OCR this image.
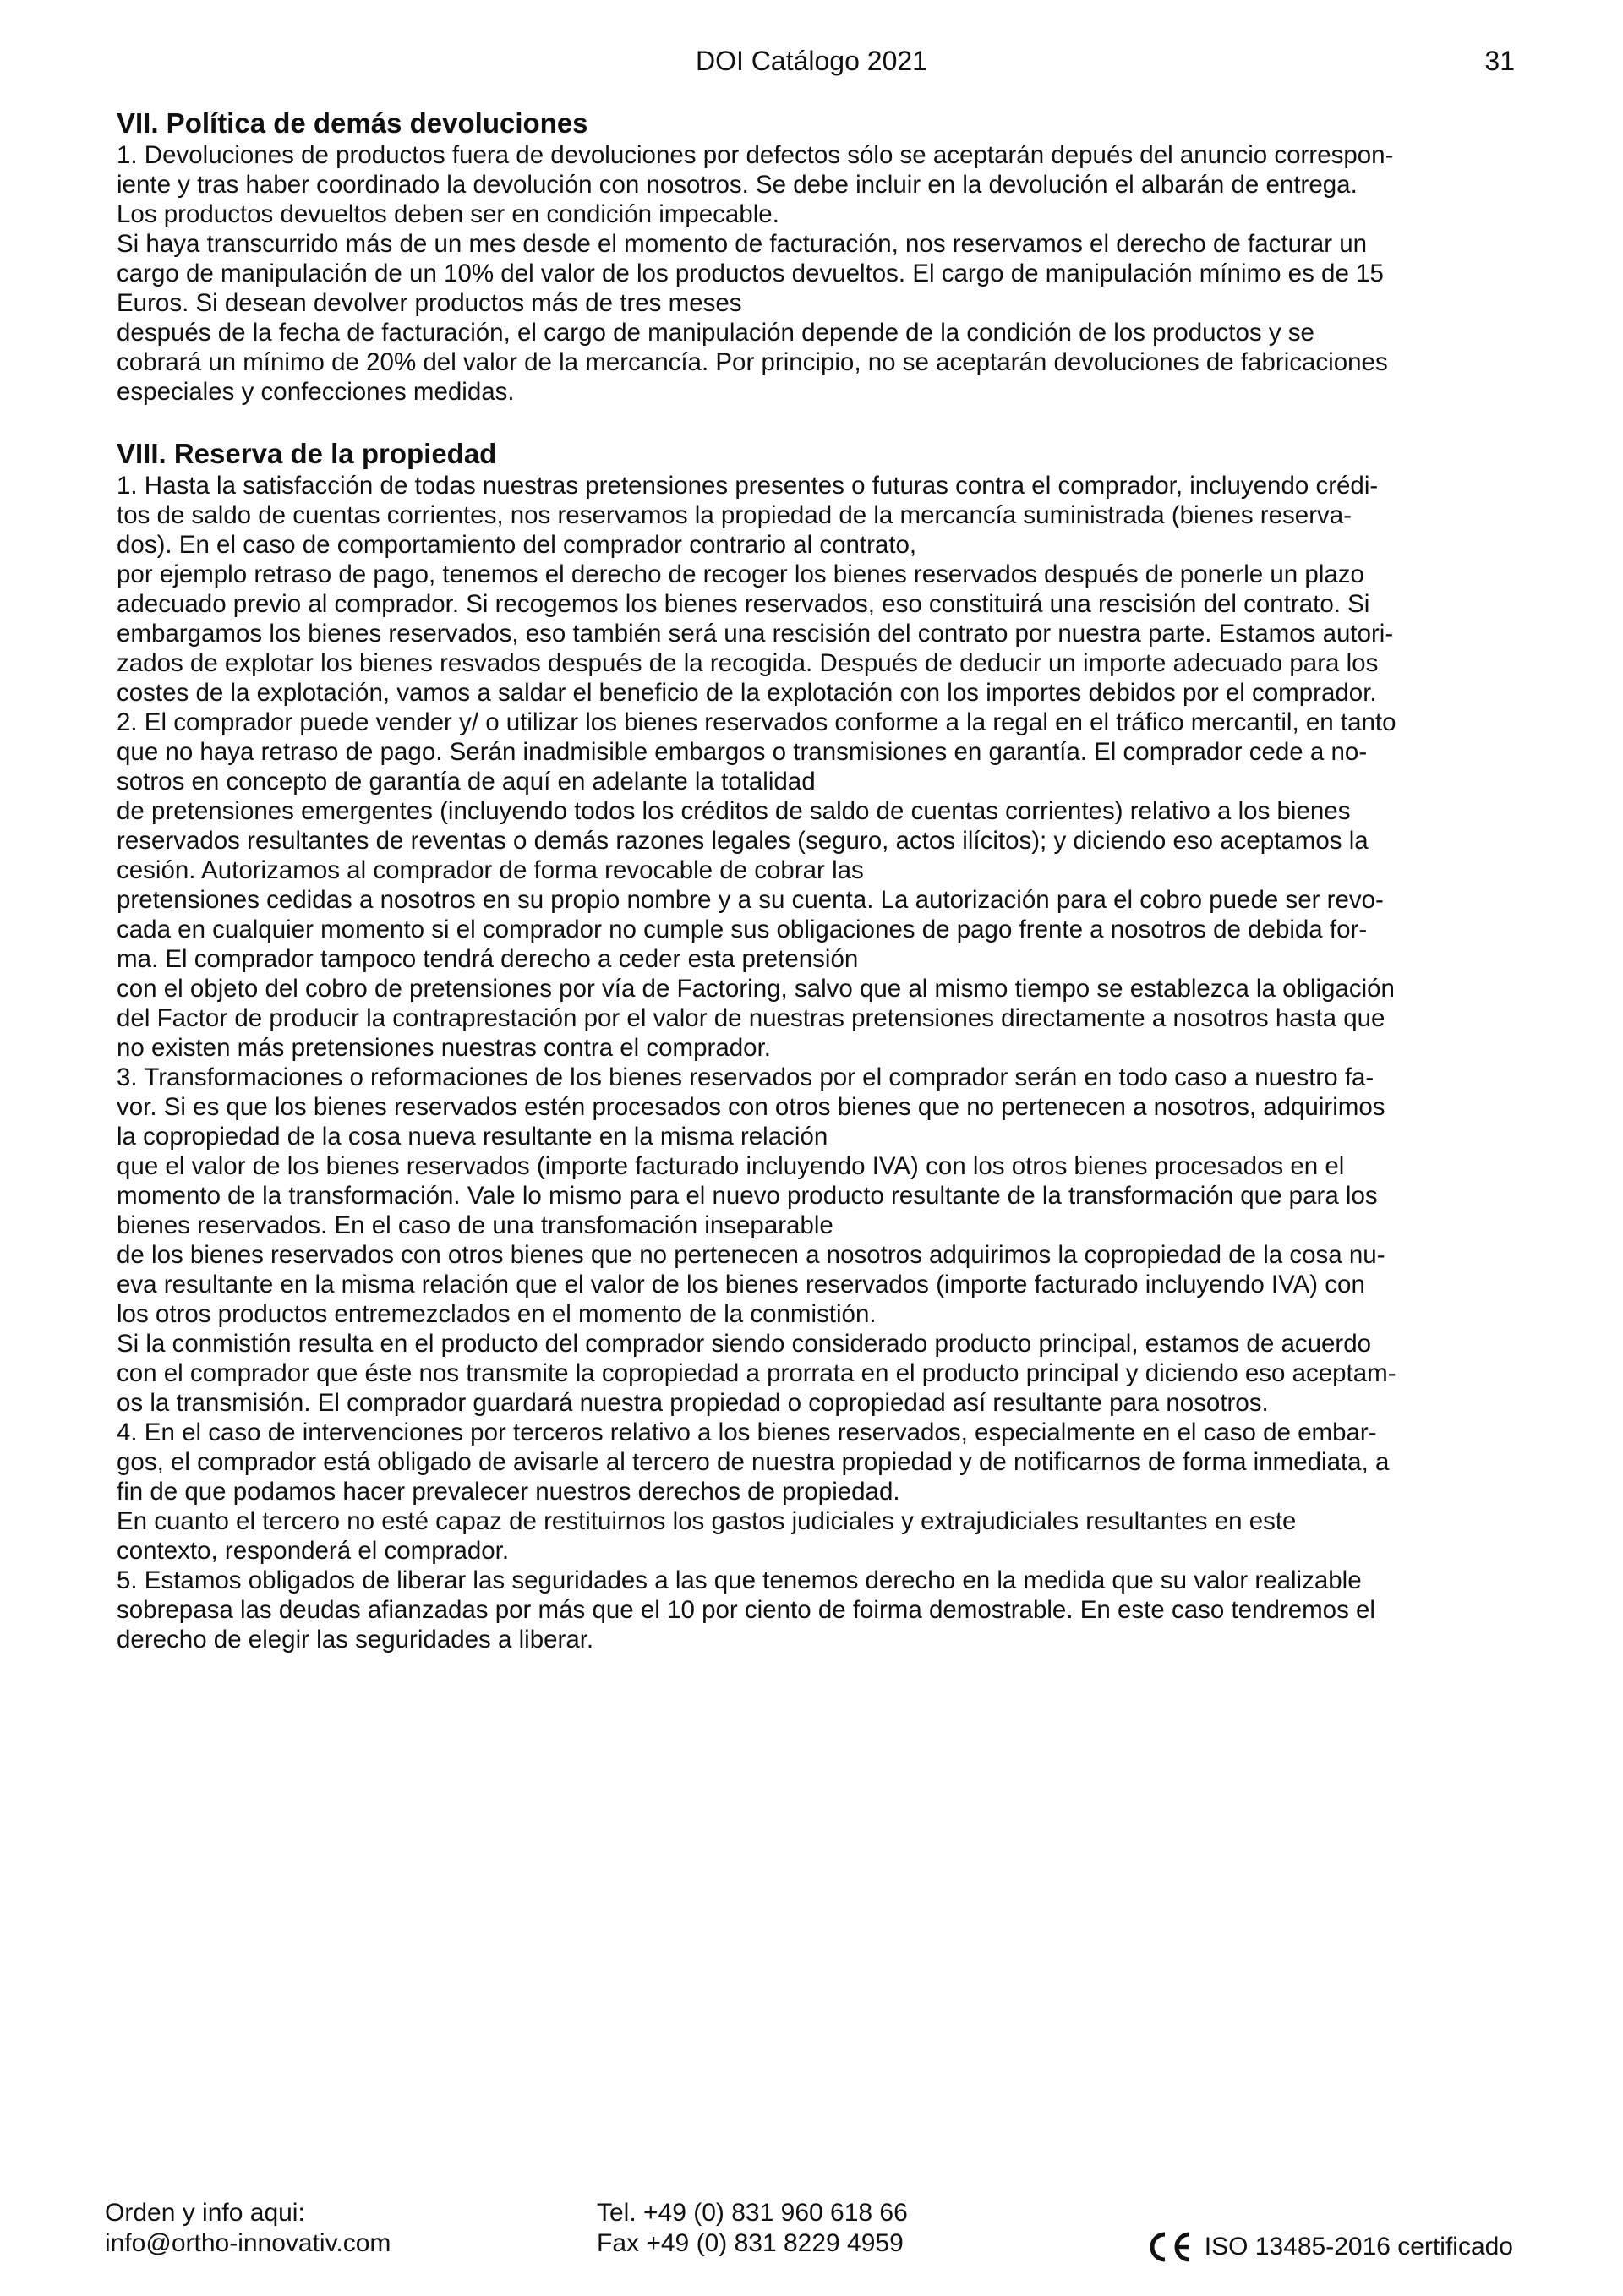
DOI Catálogo 2021	31
VII. Política de demás devoluciones
1. Devoluciones de productos fuera de devoluciones por defectos sólo se aceptarán depués del anuncio correspon-
iente y tras haber coordinado la devolución con nosotros. Se debe incluir en la devolución el albarán de entrega.
Los productos devueltos deben ser en condición impecable.
Si haya transcurrido más de un mes desde el momento de facturación, nos reservamos el derecho de facturar un
cargo de manipulación de un 10% del valor de los productos devueltos. El cargo de manipulación mínimo es de 15
Euros. Si desean devolver productos más de tres meses
después de la fecha de facturación, el cargo de manipulación depende de la condición de los productos y se
cobrará un mínimo de 20% del valor de la mercancía. Por principio, no se aceptarán devoluciones de fabricaciones
especiales y confecciones medidas.
VIII. Reserva de la propiedad
1. Hasta la satisfacción de todas nuestras pretensiones presentes o futuras contra el comprador, incluyendo crédi-
tos de saldo de cuentas corrientes, nos reservamos la propiedad de la mercancía suministrada (bienes reserva-
dos). En el caso de comportamiento del comprador contrario al contrato,
por ejemplo retraso de pago, tenemos el derecho de recoger los bienes reservados después de ponerle un plazo
adecuado previo al comprador. Si recogemos los bienes reservados, eso constituirá una rescisión del contrato. Si
embargamos los bienes reservados, eso también será una rescisión del contrato por nuestra parte. Estamos autori-
zados de explotar los bienes resvados después de la recogida. Después de deducir un importe adecuado para los
costes de la explotación, vamos a saldar el beneficio de la explotación con los importes debidos por el comprador.
2. El comprador puede vender y/ o utilizar los bienes reservados conforme a la regal en el tráfico mercantil, en tanto
que no haya retraso de pago. Serán inadmisible embargos o transmisiones en garantía. El comprador cede a no-
sotros en concepto de garantía de aquí en adelante la totalidad
de pretensiones emergentes (incluyendo todos los créditos de saldo de cuentas corrientes) relativo a los bienes
reservados resultantes de reventas o demás razones legales (seguro, actos ilícitos); y diciendo eso aceptamos la
cesión. Autorizamos al comprador de forma revocable de cobrar las
pretensiones cedidas a nosotros en su propio nombre y a su cuenta. La autorización para el cobro puede ser revo-
cada en cualquier momento si el comprador no cumple sus obligaciones de pago frente a nosotros de debida for-
ma. El comprador tampoco tendrá derecho a ceder esta pretensión
con el objeto del cobro de pretensiones por vía de Factoring, salvo que al mismo tiempo se establezca la obligación
del Factor de producir la contraprestación por el valor de nuestras pretensiones directamente a nosotros hasta que
no existen más pretensiones nuestras contra el comprador.
3. Transformaciones o reformaciones de los bienes reservados por el comprador serán en todo caso a nuestro fa-
vor. Si es que los bienes reservados estén procesados con otros bienes que no pertenecen a nosotros, adquirimos
la copropiedad de la cosa nueva resultante en la misma relación
que el valor de los bienes reservados (importe facturado incluyendo IVA) con los otros bienes procesados en el
momento de la transformación. Vale lo mismo para el nuevo producto resultante de la transformación que para los
bienes reservados. En el caso de una transfomación inseparable
de los bienes reservados con otros bienes que no pertenecen a nosotros adquirimos la copropiedad de la cosa nu-
eva resultante en la misma relación que el valor de los bienes reservados (importe facturado incluyendo IVA) con
los otros productos entremezclados en el momento de la conmistión.
Si la conmistión resulta en el producto del comprador siendo considerado producto principal, estamos de acuerdo
con el comprador que éste nos transmite la copropiedad a prorrata en el producto principal y diciendo eso aceptam-
os la transmisión. El comprador guardará nuestra propiedad o copropiedad así resultante para nosotros.
4. En el caso de intervenciones por terceros relativo a los bienes reservados, especialmente en el caso de embar-
gos, el comprador está obligado de avisarle al tercero de nuestra propiedad y de notificarnos de forma inmediata, a
fin de que podamos hacer prevalecer nuestros derechos de propiedad.
En cuanto el tercero no esté capaz de restituirnos los gastos judiciales y extrajudiciales resultantes en este
contexto, responderá el comprador.
5. Estamos obligados de liberar las seguridades a las que tenemos derecho en la medida que su valor realizable
sobrepasa las deudas afianzadas por más que el 10 por ciento de foirma demostrable. En este caso tendremos el
derecho de elegir las seguridades a liberar.
Orden y info aqui:
info@ortho-innovativ.com
Tel. +49 (0) 831 960 618 66
Fax +49 (0) 831 8229 4959	ISO 13485-2016 certificado
